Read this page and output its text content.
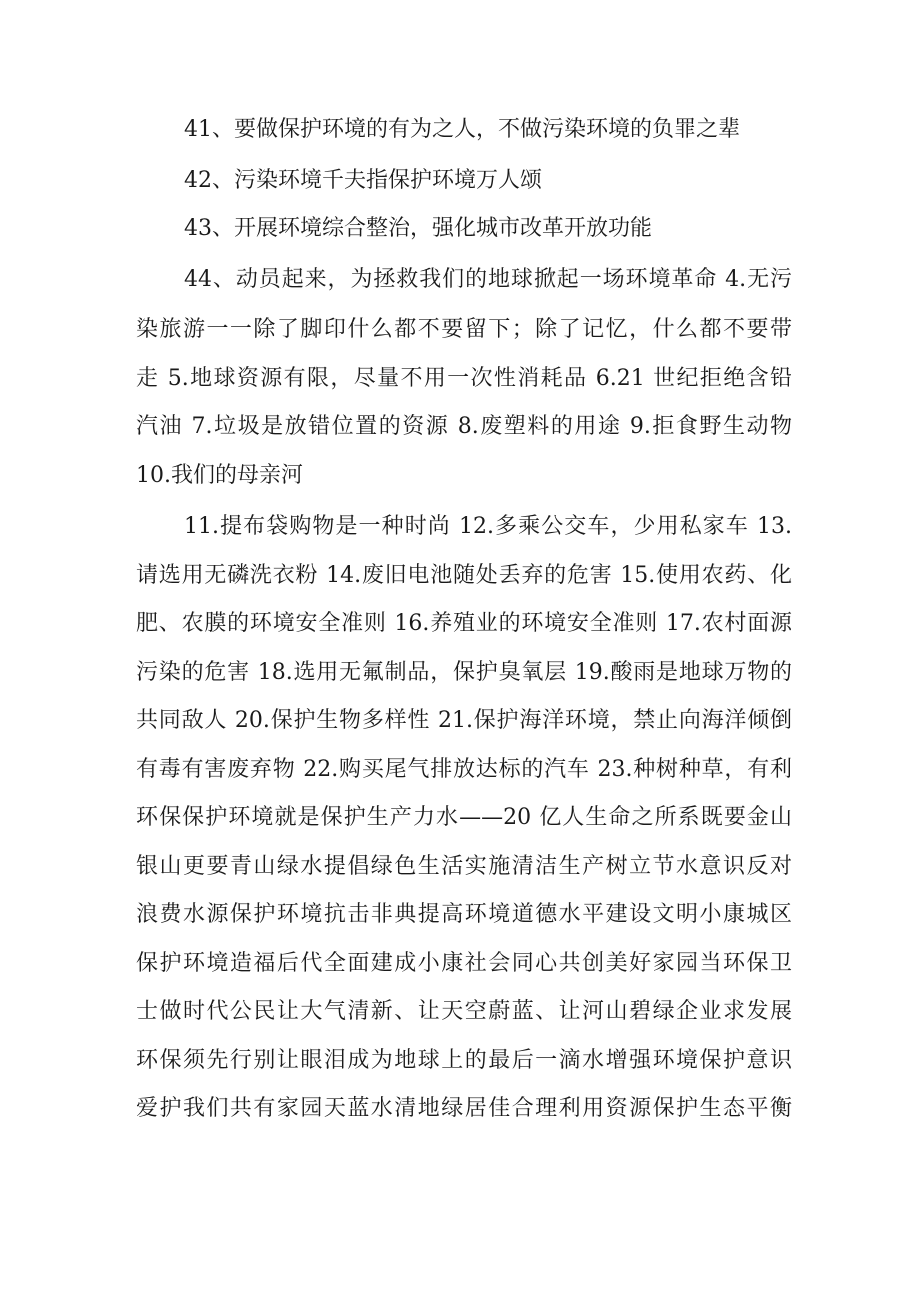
41、要做保护环境的有为之人，不做污染环境的负罪之辈
42、污染环境千夫指保护环境万人颂
43、开展环境综合整治，强化城市改革开放功能
44、动员起来，为拯救我们的地球掀起一场环境革命 4.无污
染旅游一一除了脚印什么都不要留下；除了记忆，什么都不要带
走 5.地球资源有限，尽量不用一次性消耗品 6.21 世纪拒绝含铅
汽油 7.垃圾是放错位置的资源 8.废塑料的用途 9.拒食野生动物
10.我们的母亲河
11.提布袋购物是一种时尚 12.多乘公交车，少用私家车 13.
请选用无磷洗衣粉 14.废旧电池随处丢弃的危害 15.使用农药、化
肥、农膜的环境安全准则 16.养殖业的环境安全准则 17.农村面源
污染的危害 18.选用无氟制品，保护臭氧层 19.酸雨是地球万物的
共同敌人 20.保护生物多样性 21.保护海洋环境，禁止向海洋倾倒
有毒有害废弃物 22.购买尾气排放达标的汽车 23.种树种草，有利
环保保护环境就是保护生产力水——20 亿人生命之所系既要金山
银山更要青山绿水提倡绿色生活实施清洁生产树立节水意识反对
浪费水源保护环境抗击非典提高环境道德水平建设文明小康城区
保护环境造福后代全面建成小康社会同心共创美好家园当环保卫
士做时代公民让大气清新、让天空蔚蓝、让河山碧绿企业求发展
环保须先行别让眼泪成为地球上的最后一滴水增强环境保护意识
爱护我们共有家园天蓝水清地绿居佳合理利用资源保护生态平衡
